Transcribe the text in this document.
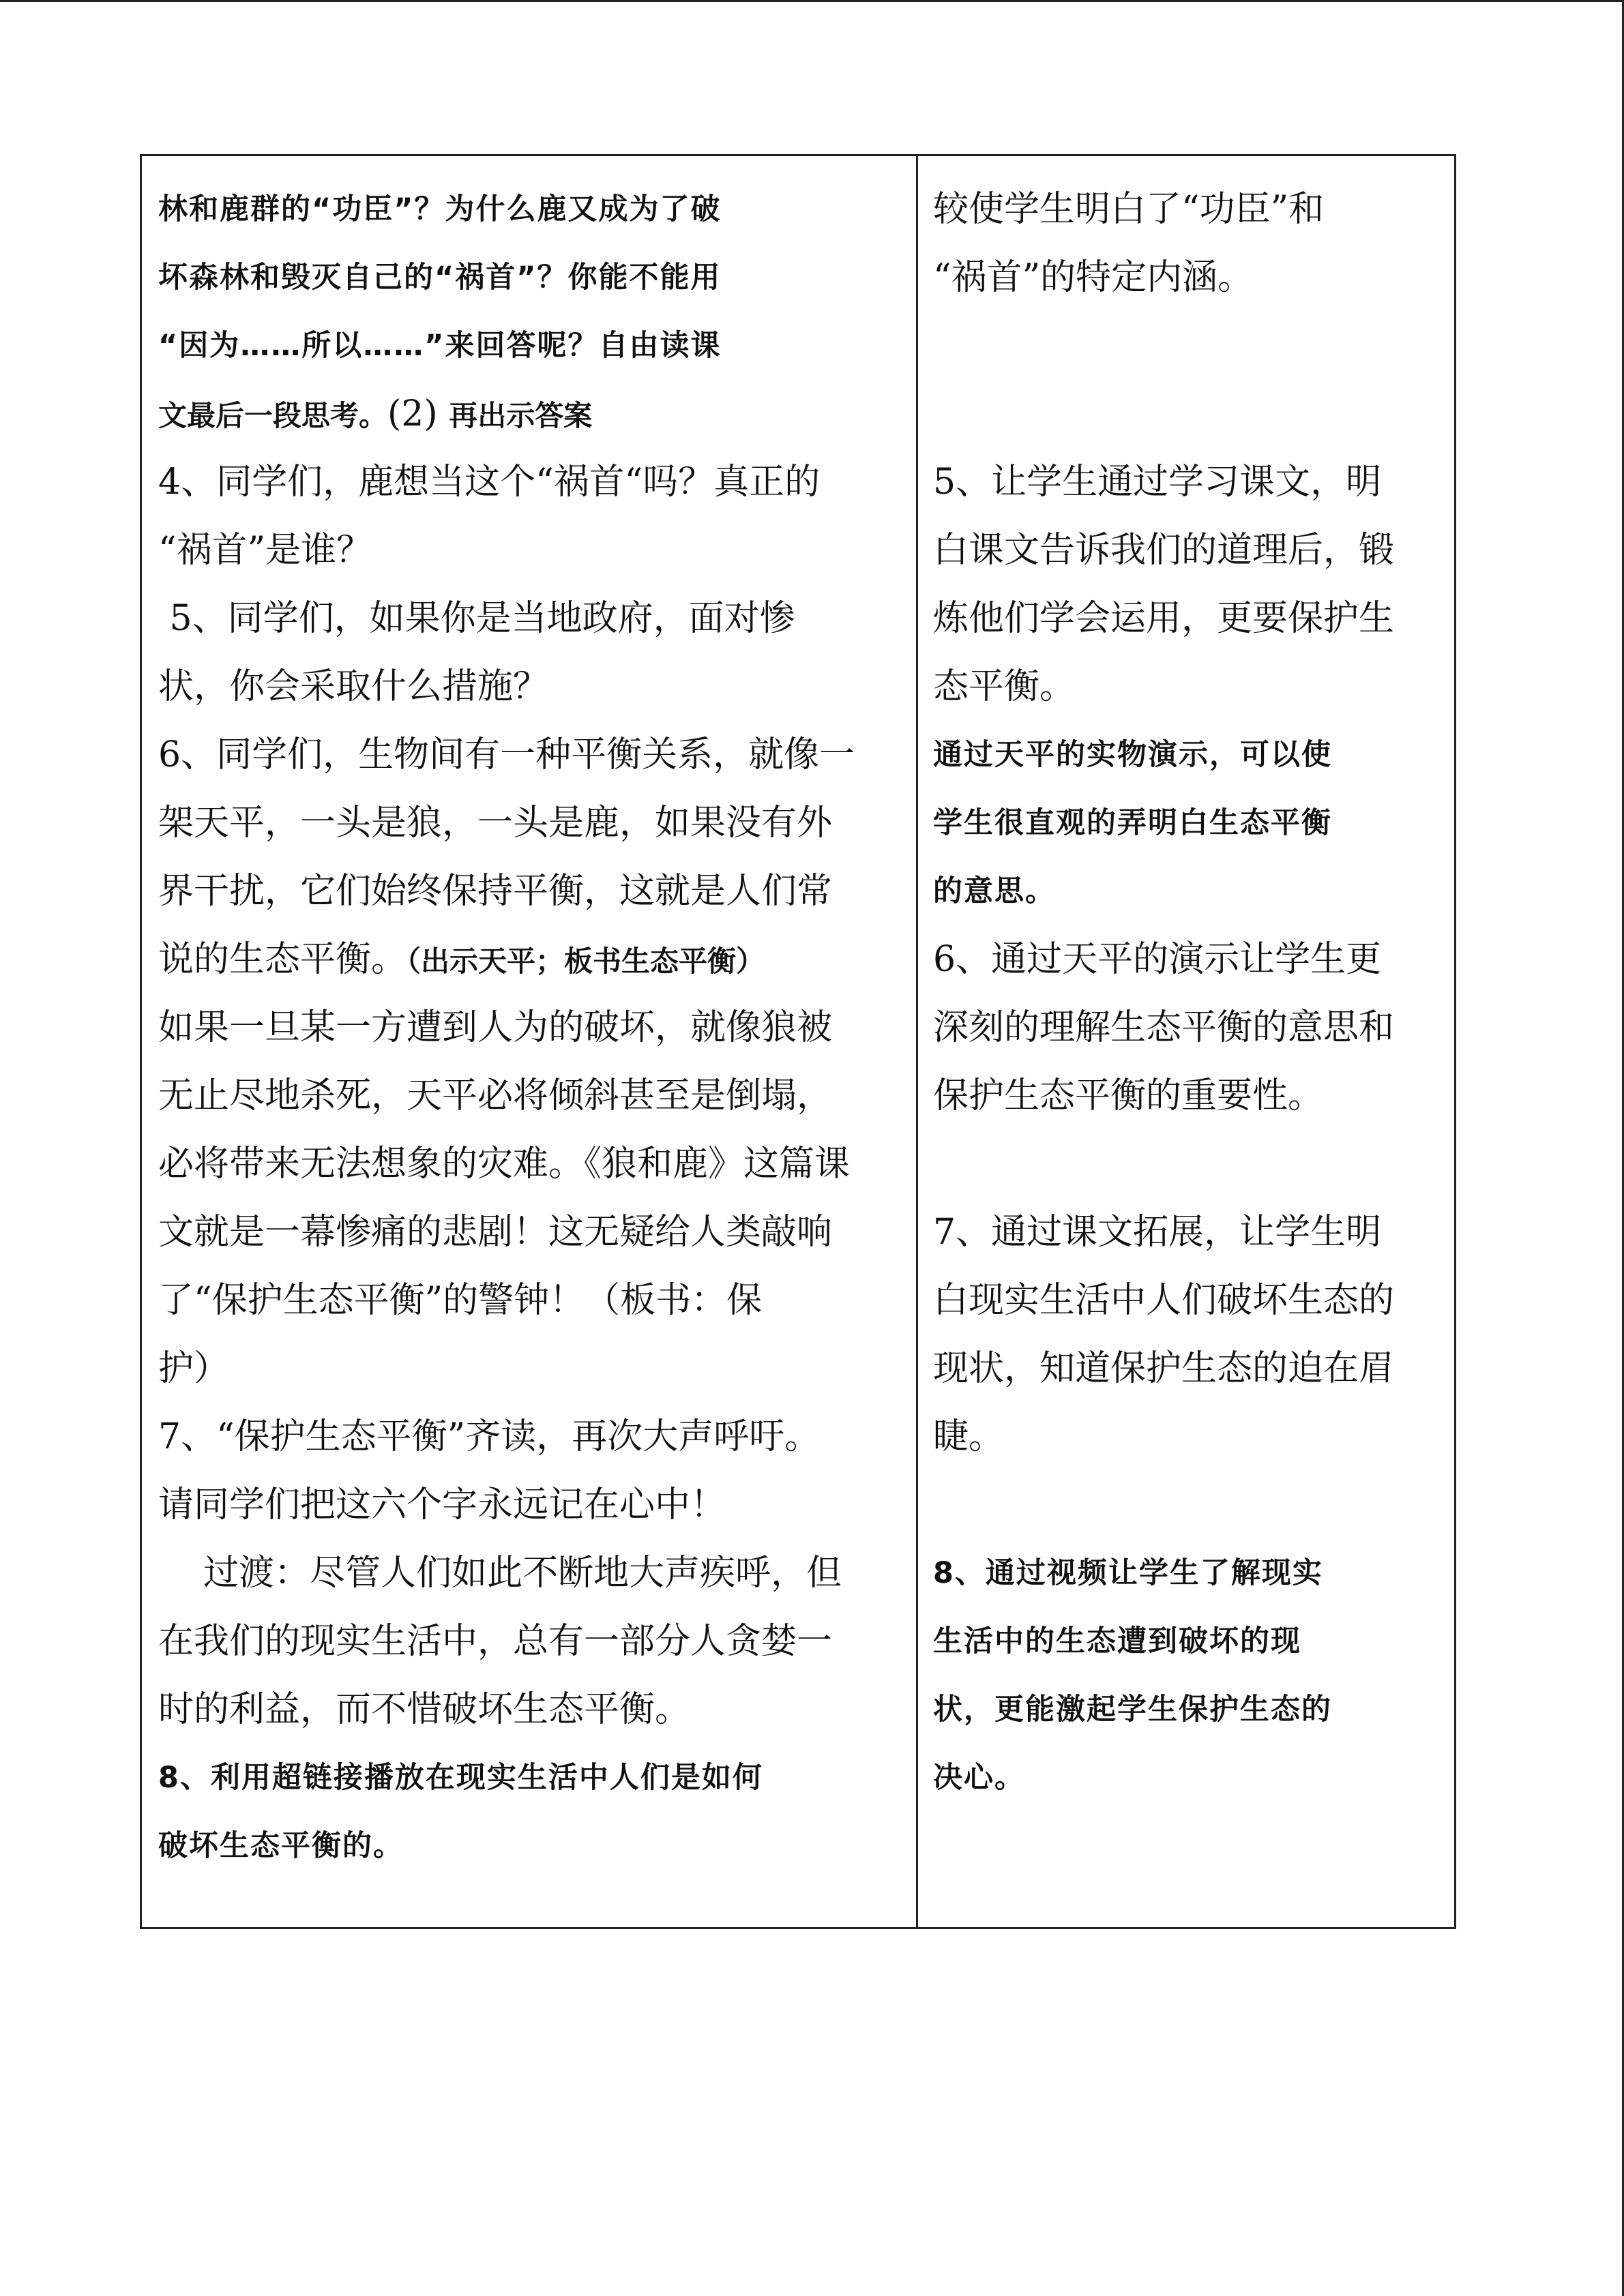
林和鹿群的“功臣”？为什么鹿又成为了破
坏森林和毁灭自己的“祸首”？你能不能用
“因为……所以……”来回答呢？自由读课
文最后一段思考。(2) 再出示答案
4、同学们，鹿想当这个“祸首“吗？真正的
“祸首”是谁？
5、同学们，如果你是当地政府，面对惨
状，你会采取什么措施？
6、同学们，生物间有一种平衡关系，就像一
架天平，一头是狼，一头是鹿，如果没有外
界干扰，它们始终保持平衡，这就是人们常
说的生态平衡。（出示天平；板书生态平衡）
如果一旦某一方遭到人为的破坏，就像狼被
无止尽地杀死，天平必将倾斜甚至是倒塌，
必将带来无法想象的灾难。《狼和鹿》这篇课
文就是一幕惨痛的悲剧！这无疑给人类敲响
了“保护生态平衡”的警钟！（板书：保
护）
7、“保护生态平衡”齐读，再次大声呼吁。
请同学们把这六个字永远记在心中！
过渡：尽管人们如此不断地大声疾呼，但
在我们的现实生活中，总有一部分人贪婪一
时的利益，而不惜破坏生态平衡。
8、利用超链接播放在现实生活中人们是如何
破坏生态平衡的。
较使学生明白了“功臣”和
“祸首”的特定内涵。
5、让学生通过学习课文，明
白课文告诉我们的道理后，锻
炼他们学会运用，更要保护生
态平衡。
通过天平的实物演示，可以使
学生很直观的弄明白生态平衡
的意思。
6、通过天平的演示让学生更
深刻的理解生态平衡的意思和
保护生态平衡的重要性。
7、通过课文拓展，让学生明
白现实生活中人们破坏生态的
现状，知道保护生态的迫在眉
睫。
8、通过视频让学生了解现实
生活中的生态遭到破坏的现
状，更能激起学生保护生态的
决心。
